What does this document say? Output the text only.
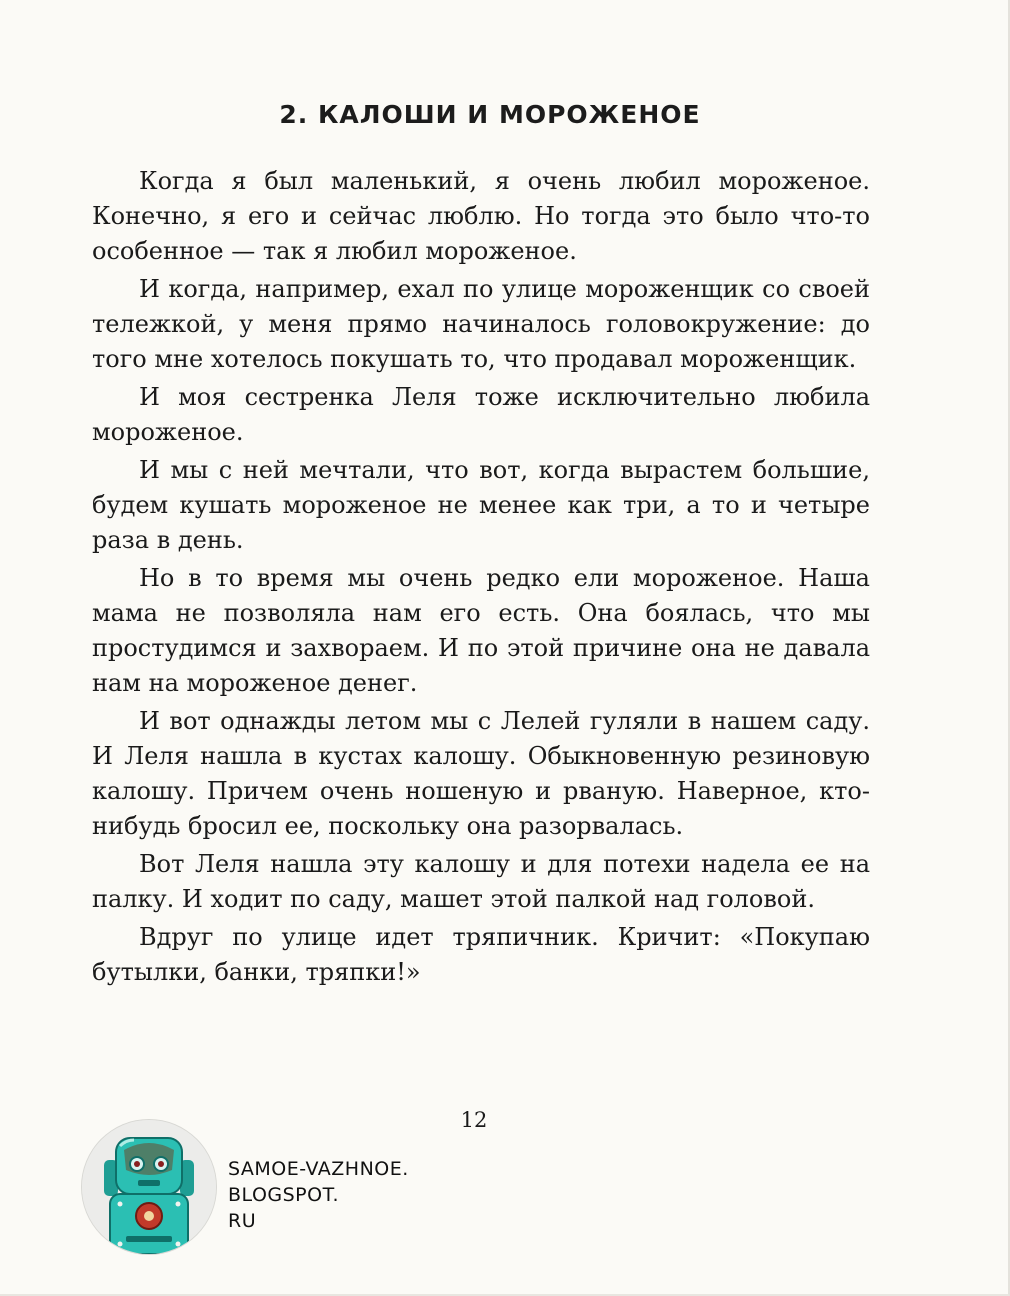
2. КАЛОШИ И МОРОЖЕНОЕ

Когда я был маленький, я очень любил мороженое. Конечно, я его и сейчас люблю. Но тогда это было что-то особенное — так я любил мороженое.

И когда, например, ехал по улице мороженщик со своей тележкой, у меня прямо начиналось головокружение: до того мне хотелось покушать то, что продавал мороженщик.

И моя сестренка Леля тоже исключительно любила мороженое.

И мы с ней мечтали, что вот, когда вырастем большие, будем кушать мороженое не менее как три, а то и четыре раза в день.

Но в то время мы очень редко ели мороженое. Наша мама не позволяла нам его есть. Она боялась, что мы простудимся и захвораем. И по этой причине она не давала нам на мороженое денег.

И вот однажды летом мы с Лелей гуляли в нашем саду. И Леля нашла в кустах калошу. Обыкновенную резиновую калошу. Причем очень ношеную и рваную. Наверное, кто-нибудь бросил ее, поскольку она разорвалась.

Вот Леля нашла эту калошу и для потехи надела ее на палку. И ходит по саду, машет этой палкой над головой.

Вдруг по улице идет тряпичник. Кричит: «Покупаю бутылки, банки, тряпки!»

12
SAMOE-VAZHNOE.
BLOGSPOT.
RU
